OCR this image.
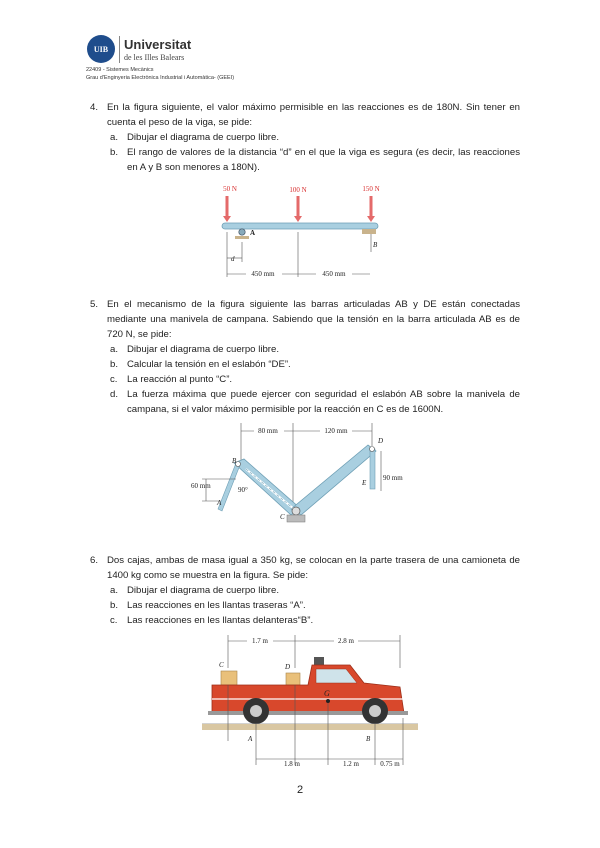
UIB Universitat
de les Illes Balears
22409 - Sistemes Mecànics
Grau d'Enginyeria Electrònica Industrial i Automàtica- (GEEI)
4. En la figura siguiente, el valor máximo permisible en las reacciones es de 180N. Sin tener en cuenta el peso de la viga, se pide:
a. Dibujar el diagrama de cuerpo libre.
b. El rango de valores de la distancia “d” en el que la viga es segura (es decir, las reacciones en A y B son menores a 180N).
50 N	100 N	150 N
A
B
d
450 mm	450 mm
5. En el mecanismo de la figura siguiente las barras articuladas AB y DE están conectadas mediante una manivela de campana. Sabiendo que la tensión en la barra articulada AB es de 720 N, se pide:
a. Dibujar el diagrama de cuerpo libre.
b. Calcular la tensión en el eslabón “DE”.
c. La reacción al punto “C”.
d. La fuerza máxima que puede ejercer con seguridad el eslabón AB sobre la manivela de campana, si el valor máximo permisible por la reacción en C es de 1600N.
80 mm	120 mm
B
A
C
D
E
90°
60 mm
90 mm
6. Dos cajas, ambas de masa igual a 350 kg, se colocan en la parte trasera de una camioneta de 1400 kg como se muestra en la figura. Se pide:
a. Dibujar el diagrama de cuerpo libre.
b. Las reacciones en les llantas traseras “A”.
c. Las reacciones en les llantas delanteras“B”.
1.7 m	2.8 m
C	D
G
A	B
1.8 m	1.2 m	0.75 m
2
